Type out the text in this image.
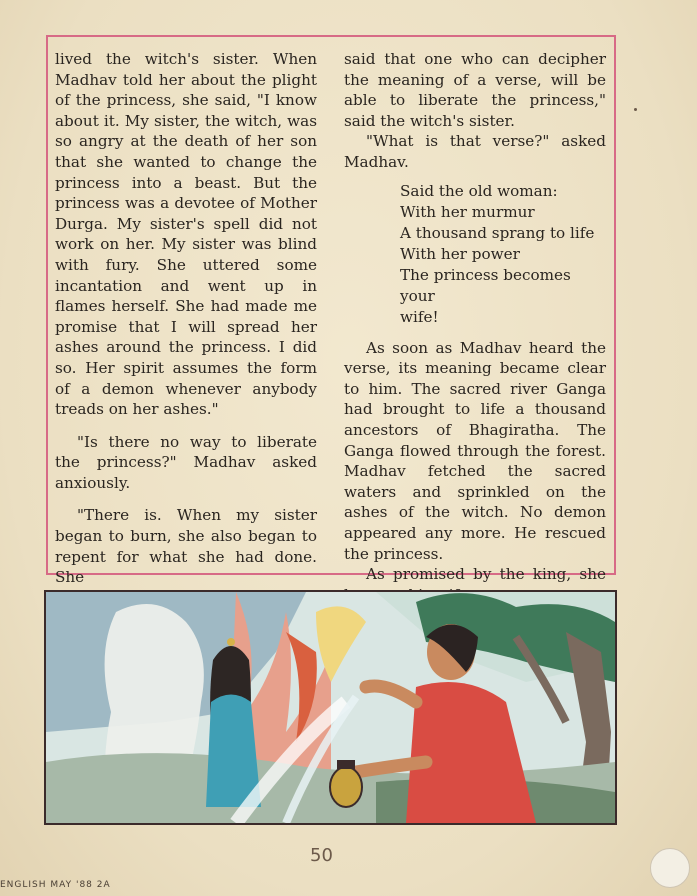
lived the witch's sister. When Madhav told her about the plight of the princess, she said, "I know about it. My sister, the witch, was so angry at the death of her son that she wanted to change the princess into a beast. But the princess was a devotee of Mother Durga. My sister's spell did not work on her. My sister was blind with fury. She uttered some incantation and went up in flames herself. She had made me promise that I will spread her ashes around the princess. I did so. Her spirit assumes the form of a demon whenever anybody treads on her ashes."

"Is there no way to liberate the princess?" Madhav asked anxiously.

"There is. When my sister began to burn, she also began to repent for what she had done. She

said that one who can decipher the meaning of a verse, will be able to liberate the princess," said the witch's sister.

"What is that verse?" asked Madhav.

Said the old woman:
With her murmur
A thousand sprang to life
With her power
The princess becomes your
wife!

As soon as Madhav heard the verse, its meaning became clear to him. The sacred river Ganga had brought to life a thousand ancestors of Bhagiratha. The Ganga flowed through the forest. Madhav fetched the sacred waters and sprinkled on the ashes of the witch. No demon appeared any more. He rescued the princess.

As promised by the king, she

50
ENGLISH MAY '88 2A
